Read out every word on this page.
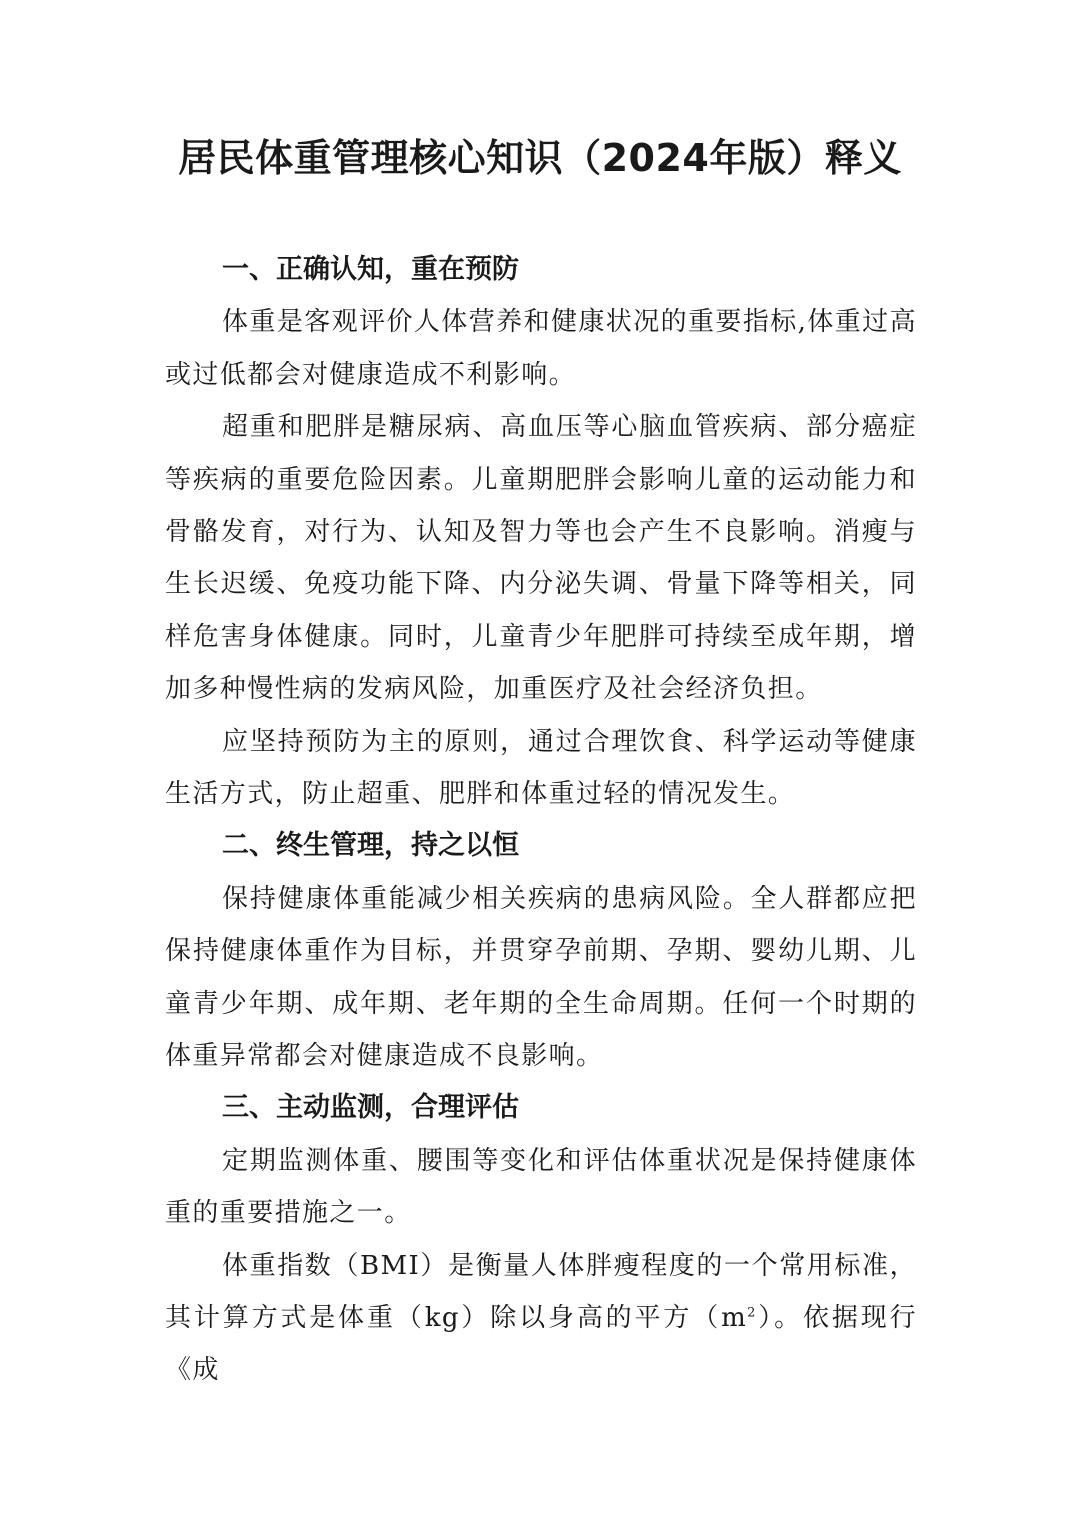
居民体重管理核心知识（2024年版）释义
一、正确认知，重在预防

体重是客观评价人体营养和健康状况的重要指标,体重过高或过低都会对健康造成不利影响。

超重和肥胖是糖尿病、高血压等心脑血管疾病、部分癌症等疾病的重要危险因素。儿童期肥胖会影响儿童的运动能力和骨骼发育，对行为、认知及智力等也会产生不良影响。消瘦与生长迟缓、免疫功能下降、内分泌失调、骨量下降等相关，同样危害身体健康。同时，儿童青少年肥胖可持续至成年期，增加多种慢性病的发病风险，加重医疗及社会经济负担。

应坚持预防为主的原则，通过合理饮食、科学运动等健康生活方式，防止超重、肥胖和体重过轻的情况发生。

二、终生管理，持之以恒

保持健康体重能减少相关疾病的患病风险。全人群都应把保持健康体重作为目标，并贯穿孕前期、孕期、婴幼儿期、儿童青少年期、成年期、老年期的全生命周期。任何一个时期的体重异常都会对健康造成不良影响。

三、主动监测，合理评估

定期监测体重、腰围等变化和评估体重状况是保持健康体重的重要措施之一。

体重指数（BMI）是衡量人体胖瘦程度的一个常用标准，其计算方式是体重（kg）除以身高的平方$(m^2)$。依据现行《成
